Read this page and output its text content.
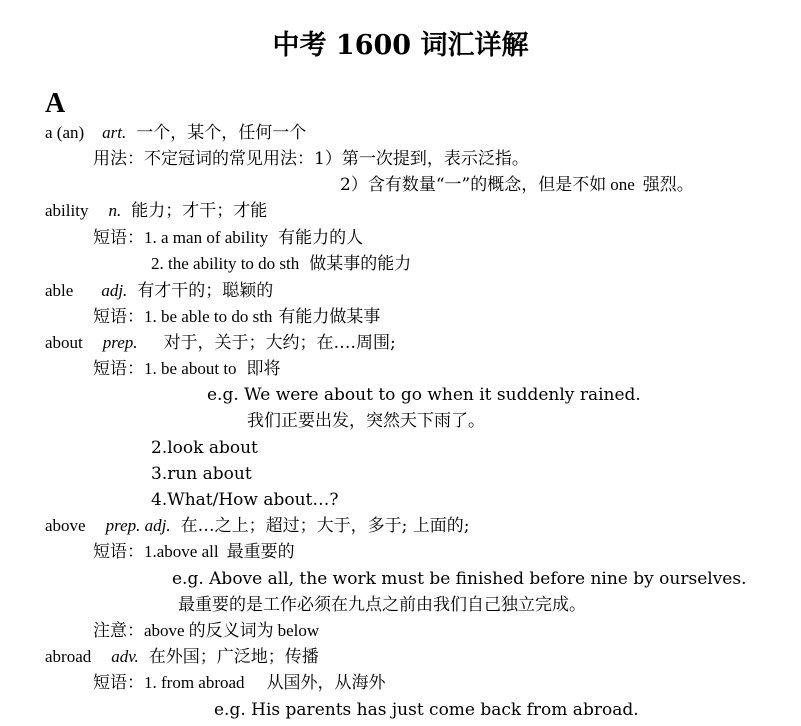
中考 1600 词汇详解
A
a (an) art. 一个，某个，任何一个
用法：不定冠词的常见用法：1）第一次提到，表示泛指。
2）含有数量“一”的概念，但是不如 one 强烈。
ability n. 能力；才干；才能
短语：1. a man of ability 有能力的人
2. the ability to do sth 做某事的能力
able adj. 有才干的；聪颖的
短语：1. be able to do sth 有能力做某事
about prep. 对于，关于；大约；在….周围;
短语：1. be about to 即将
e.g. We were about to go when it suddenly rained.
我们正要出发，突然天下雨了。
2.look about
3.run about
4.What/How about…?
above prep. adj. 在…之上；超过；大于，多于; 上面的;
短语：1.above all 最重要的
e.g. Above all, the work must be finished before nine by ourselves.
最重要的是工作必须在九点之前由我们自己独立完成。
注意：above 的反义词为 below
abroad adv. 在外国；广泛地；传播
短语：1. from abroad 从国外，从海外
e.g. His parents has just come back from abroad.
